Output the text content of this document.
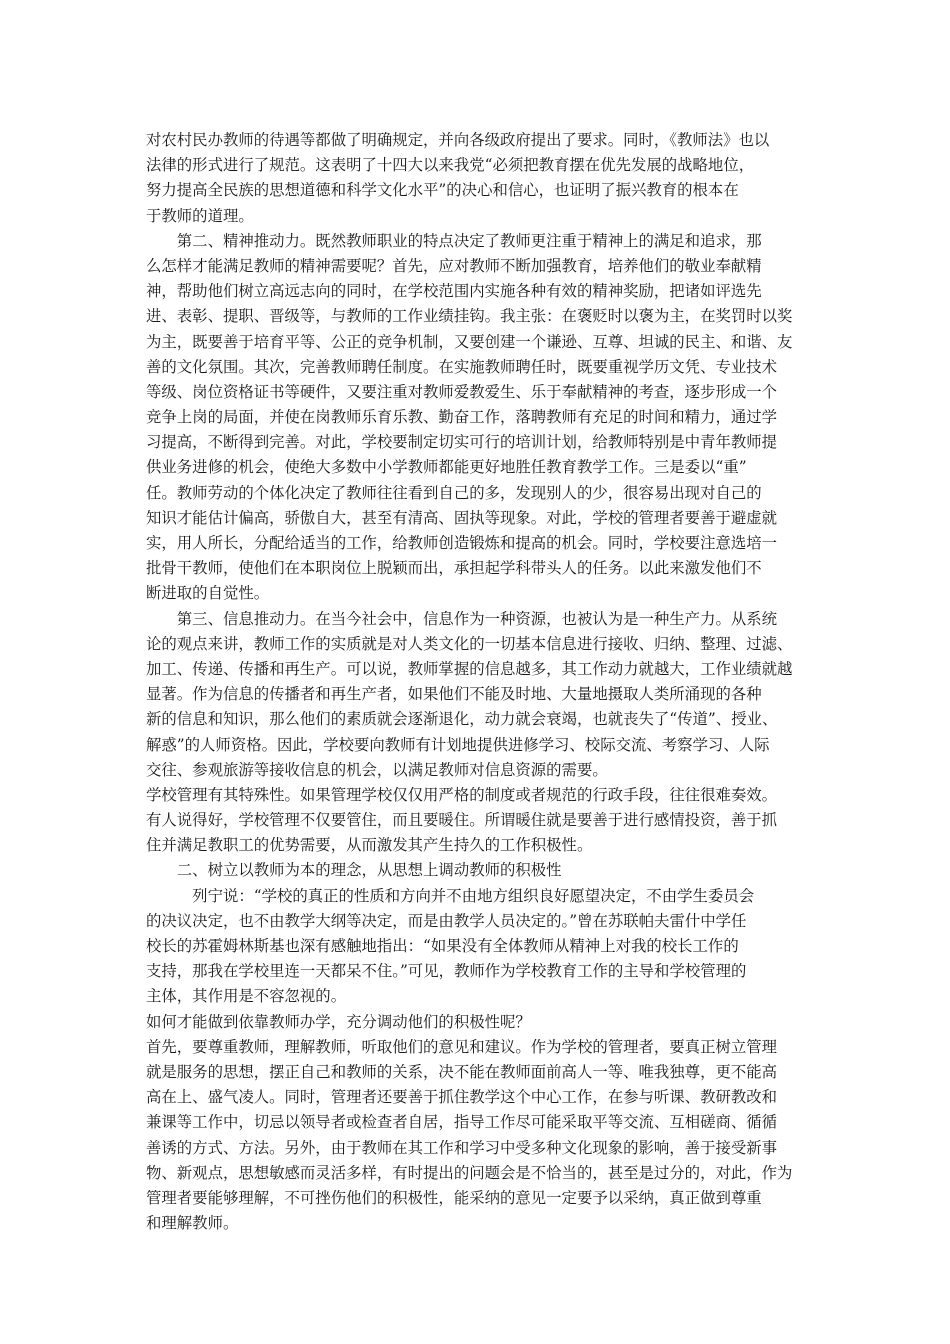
对农村民办教师的待遇等都做了明确规定，并向各级政府提出了要求。同时，《教师法》也以
法律的形式进行了规范。这表明了十四大以来我党“必须把教育摆在优先发展的战略地位，
努力提高全民族的思想道德和科学文化水平”的决心和信心，也证明了振兴教育的根本在
于教师的道理。
　　第二、精神推动力。既然教师职业的特点决定了教师更注重于精神上的满足和追求，那
么怎样才能满足教师的精神需要呢？首先，应对教师不断加强教育，培养他们的敬业奉献精
神，帮助他们树立高远志向的同时，在学校范围内实施各种有效的精神奖励，把诸如评选先
进、表彰、提职、晋级等，与教师的工作业绩挂钩。我主张：在褒贬时以褒为主，在奖罚时以奖
为主，既要善于培育平等、公正的竞争机制，又要创建一个谦逊、互尊、坦诚的民主、和谐、友
善的文化氛围。其次，完善教师聘任制度。在实施教师聘任时，既要重视学历文凭、专业技术
等级、岗位资格证书等硬件，又要注重对教师爱教爱生、乐于奉献精神的考查，逐步形成一个
竞争上岗的局面，并使在岗教师乐育乐教、勤奋工作，落聘教师有充足的时间和精力，通过学
习提高，不断得到完善。对此，学校要制定切实可行的培训计划，给教师特别是中青年教师提
供业务进修的机会，使绝大多数中小学教师都能更好地胜任教育教学工作。三是委以“重”
任。教师劳动的个体化决定了教师往往看到自己的多，发现别人的少，很容易出现对自己的
知识才能估计偏高，骄傲自大，甚至有清高、固执等现象。对此，学校的管理者要善于避虚就
实，用人所长，分配给适当的工作，给教师创造锻炼和提高的机会。同时，学校要注意选培一
批骨干教师，使他们在本职岗位上脱颖而出，承担起学科带头人的任务。以此来激发他们不
断进取的自觉性。
　　第三、信息推动力。在当今社会中，信息作为一种资源，也被认为是一种生产力。从系统
论的观点来讲，教师工作的实质就是对人类文化的一切基本信息进行接收、归纳、整理、过滤、
加工、传递、传播和再生产。可以说，教师掌握的信息越多，其工作动力就越大，工作业绩就越
显著。作为信息的传播者和再生产者，如果他们不能及时地、大量地摄取人类所涌现的各种
新的信息和知识，那么他们的素质就会逐渐退化，动力就会衰竭，也就丧失了“传道”、授业、
解惑”的人师资格。因此，学校要向教师有计划地提供进修学习、校际交流、考察学习、人际
交往、参观旅游等接收信息的机会，以满足教师对信息资源的需要。
学校管理有其特殊性。如果管理学校仅仅用严格的制度或者规范的行政手段，往往很难奏效。
有人说得好，学校管理不仅要管住，而且要暖住。所谓暖住就是要善于进行感情投资，善于抓
住并满足教职工的优势需要，从而激发其产生持久的工作积极性。
　　二、树立以教师为本的理念，从思想上调动教师的积极性
　　　列宁说：“学校的真正的性质和方向并不由地方组织良好愿望决定，不由学生委员会
的决议决定，也不由教学大纲等决定，而是由教学人员决定的。”曾在苏联帕夫雷什中学任
校长的苏霍姆林斯基也深有感触地指出：“如果没有全体教师从精神上对我的校长工作的
支持，那我在学校里连一天都呆不住。”可见，教师作为学校教育工作的主导和学校管理的
主体，其作用是不容忽视的。
如何才能做到依靠教师办学，充分调动他们的积极性呢？
首先，要尊重教师，理解教师，听取他们的意见和建议。作为学校的管理者，要真正树立管理
就是服务的思想，摆正自己和教师的关系，决不能在教师面前高人一等、唯我独尊，更不能高
高在上、盛气凌人。同时，管理者还要善于抓住教学这个中心工作，在参与听课、教研教改和
兼课等工作中，切忌以领导者或检查者自居，指导工作尽可能采取平等交流、互相磋商、循循
善诱的方式、方法。另外，由于教师在其工作和学习中受多种文化现象的影响，善于接受新事
物、新观点，思想敏感而灵活多样，有时提出的问题会是不恰当的，甚至是过分的，对此，作为
管理者要能够理解，不可挫伤他们的积极性，能采纳的意见一定要予以采纳，真正做到尊重
和理解教师。
